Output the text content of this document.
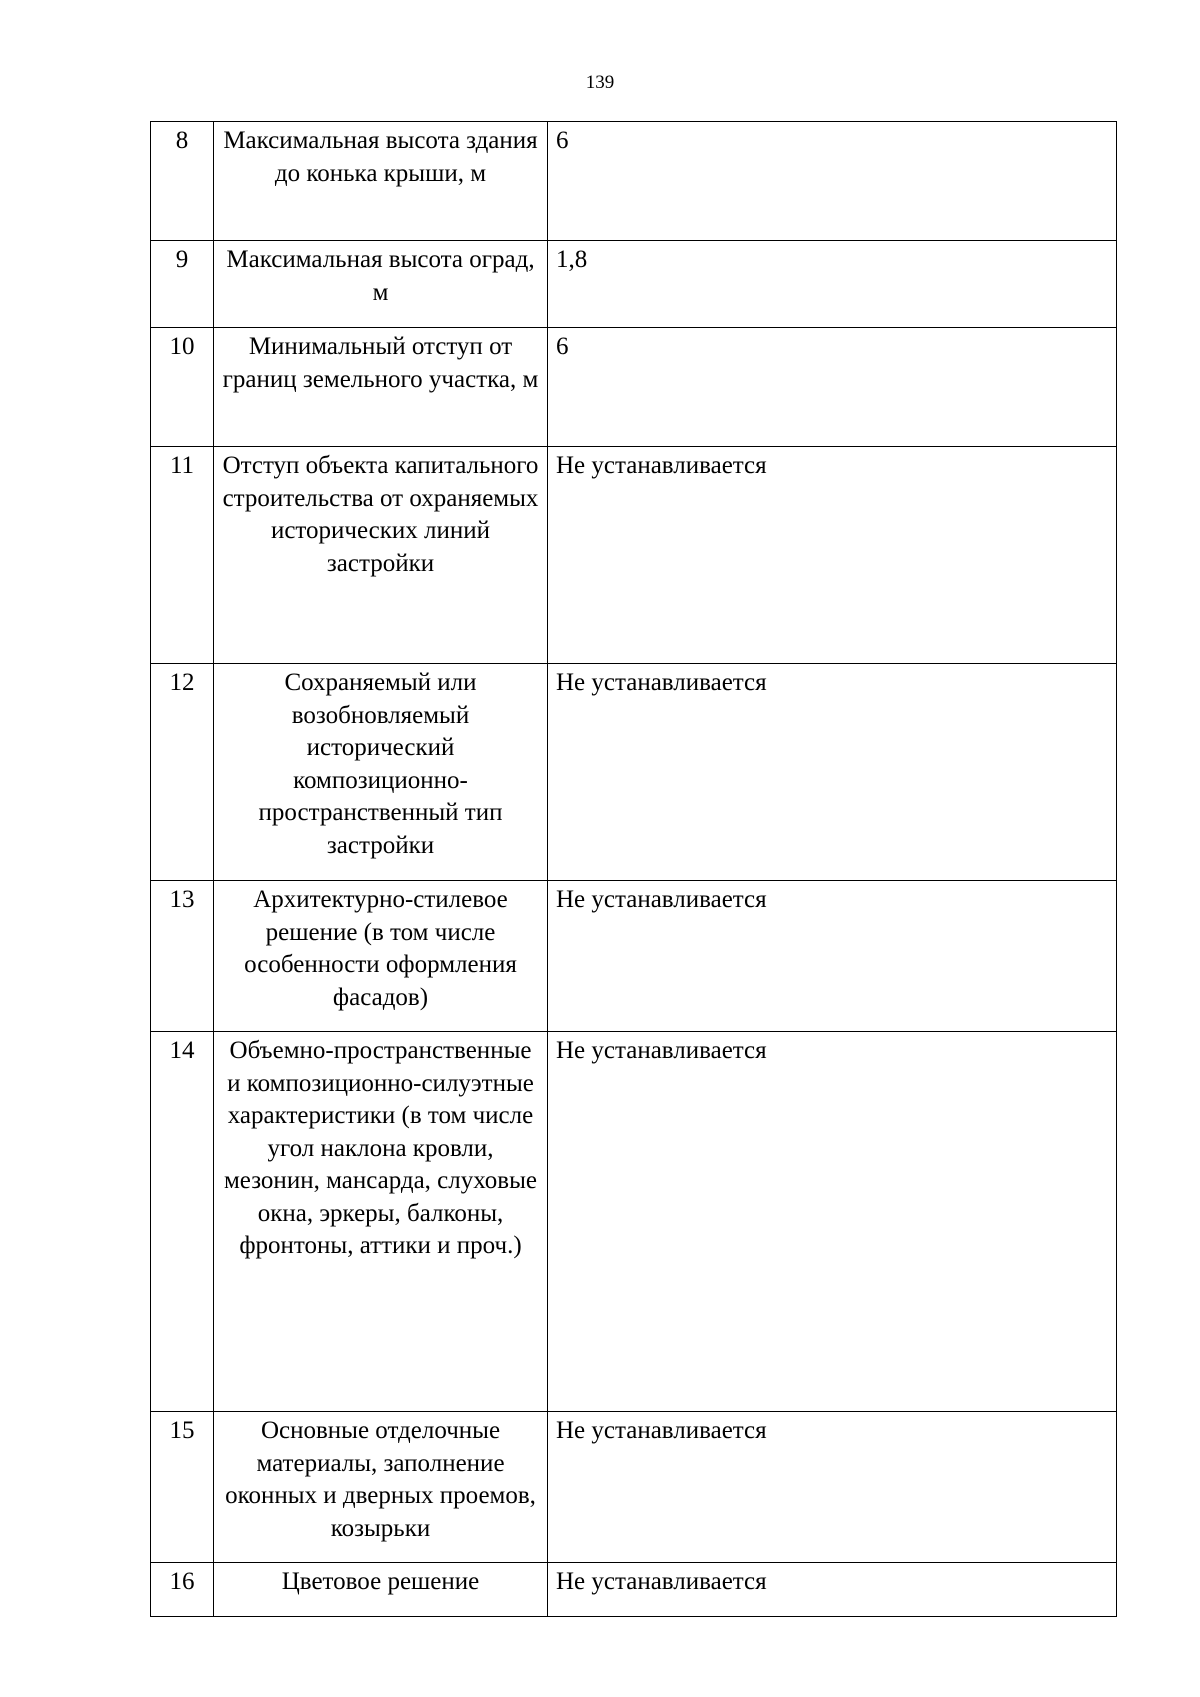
139
8	Максимальная высота здания до конька крыши, м	6
9	Максимальная высота оград, м	1,8
10	Минимальный отступ от границ земельного участка, м	6
11	Отступ объекта капитального строительства от охраняемых исторических линий застройки	Не устанавливается
12	Сохраняемый или возобновляемый исторический композиционно-пространственный тип застройки	Не устанавливается
13	Архитектурно-стилевое решение (в том числе особенности оформления фасадов)	Не устанавливается
14	Объемно-пространственные и композиционно-силуэтные характеристики (в том числе угол наклона кровли, мезонин, мансарда, слуховые окна, эркеры, балконы, фронтоны, аттики и проч.)	Не устанавливается
15	Основные отделочные материалы, заполнение оконных и дверных проемов, козырьки	Не устанавливается
16	Цветовое решение	Не устанавливается
